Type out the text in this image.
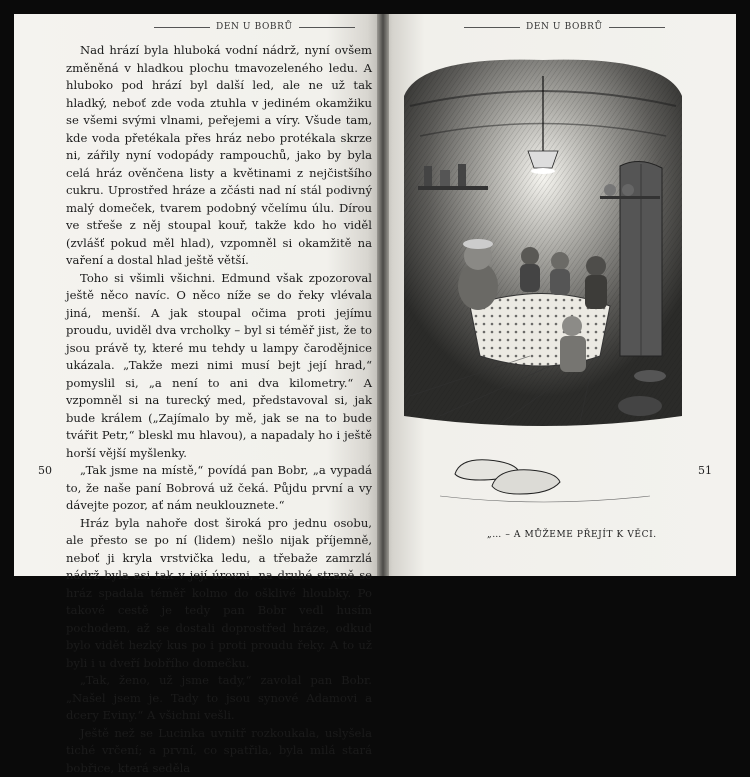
DEN U BOBRŮ

Nad hrází byla hluboká vodní nádrž, nyní ovšem změněná v hladkou plochu tmavozeleného ledu. A hluboko pod hrází byl další led, ale ne už tak hladký, neboť zde voda ztuhla v jediném okamžiku se všemi svými vlnami, peřejemi a víry. Všude tam, kde voda přetékala přes hráz nebo protékala skrze ni, zářily nyní vodopády rampouchů, jako by byla celá hráz ověnčena listy a květinami z nejčistšího cukru. Uprostřed hráze a zčásti nad ní stál podivný malý domeček, tvarem podobný včelímu úlu. Dírou ve střeše z něj stoupal kouř, takže kdo ho viděl (zvlášť pokud měl hlad), vzpomněl si okamžitě na vaření a dostal hlad ještě větší.

Toho si všimli všichni. Edmund však zpozoroval ještě něco navíc. O něco níže se do řeky vlévala jiná, menší. A jak stoupal očima proti jejímu proudu, uviděl dva vrcholky – byl si téměř jist, že to jsou právě ty, které mu tehdy u lampy čarodějnice ukázala. „Takže mezi nimi musí bejt její hrad,“ pomyslil si, „a není to ani dva kilometry.“ A vzpomněl si na turecký med, představoval si, jak bude králem („Zajímalo by mě, jak se na to bude tvářit Petr,“ bleskl mu hlavou), a napadaly ho i ještě horší vější myšlenky.

„Tak jsme na místě,“ povídá pan Bobr, „a vypadá to, že naše paní Bobrová už čeká. Půjdu první a vy dávejte pozor, ať nám neuklouznete.“

Hráz byla nahoře dost široká pro jednu osobu, ale přesto se po ní (lidem) nešlo nijak příjemně, neboť ji kryla vrstvička ledu, a třebaže zamrzlá nádrž byla asi tak v její úrovni, na druhé straně se hráz spadala téměř kolmo do ošklivé hloubky. Po takové cestě je tedy pan Bobr vedl husím pochodem, až se dostali doprostřed hráze, odkud bylo vidět hezký kus po i proti proudu řeky. A to už byli i u dveří bobřího domečku.

„Tak, ženo, už jsme tady,“ zavolal pan Bobr. „Našel jsem je. Tady to jsou synové Adamovi a dcery Eviny.“ A všichni vešli.

Ještě než se Lucinka uvnitř rozkoukala, uslyšela tiché vrčení; a první, co spatřila, byla milá stará bobřice, která seděla

50
DEN U BOBRŮ
„… – A MŮŽEME PŘEJÍT K VĚCI.
51
